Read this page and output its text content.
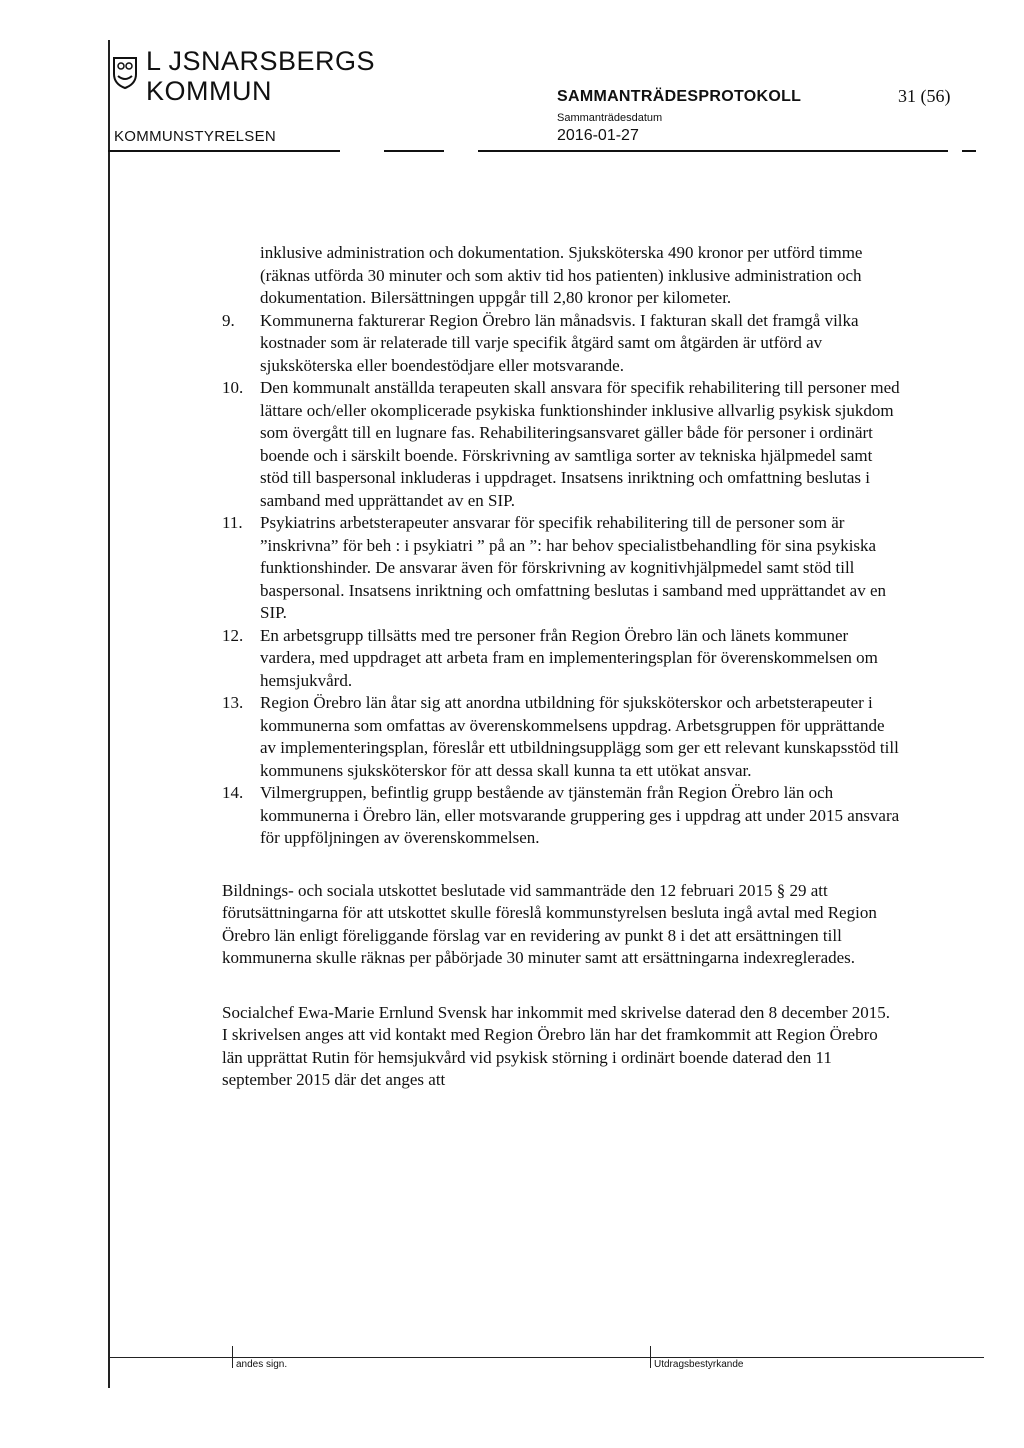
L JSNARSBERGS
KOMMUN	SAMMANTRÄDESPROTOKOLL	31 (56)
Sammanträdesdatum
2016-01-27
KOMMUNSTYRELSEN
inklusive administration och dokumentation. Sjuksköterska 490 kronor per utförd timme (räknas utförda 30 minuter och som aktiv tid hos patienten) inklusive administration och dokumentation. Bilersättningen uppgår till 2,80 kronor per kilometer.
9. Kommunerna fakturerar Region Örebro län månadsvis. I fakturan skall det framgå vilka kostnader som är relaterade till varje specifik åtgärd samt om åtgärden är utförd av sjuksköterska eller boendestödjare eller motsvarande.
10. Den kommunalt anställda terapeuten skall ansvara för specifik rehabilitering till personer med lättare och/eller okomplicerade psykiska funktionshinder inklusive allvarlig psykisk sjukdom som övergått till en lugnare fas. Rehabiliteringsansvaret gäller både för personer i ordinärt boende och i särskilt boende. Förskrivning av samtliga sorter av tekniska hjälpmedel samt stöd till baspersonal inkluderas i uppdraget. Insatsens inriktning och omfattning beslutas i samband med upprättandet av en SIP.
11. Psykiatrins arbetsterapeuter ansvarar för specifik rehabilitering till de personer som är ”inskrivna” för beh : i psykiatri ” på an ”: har behov specialistbehandling för sina psykiska funktionshinder. De ansvarar även för förskrivning av kognitivhjälpmedel samt stöd till baspersonal. Insatsens inriktning och omfattning beslutas i samband med upprättandet av en SIP.
12. En arbetsgrupp tillsätts med tre personer från Region Örebro län och länets kommuner vardera, med uppdraget att arbeta fram en implementeringsplan för överenskommelsen om hemsjukvård.
13. Region Örebro län åtar sig att anordna utbildning för sjuksköterskor och arbetsterapeuter i kommunerna som omfattas av överenskommelsens uppdrag. Arbetsgruppen för upprättande av implementeringsplan, föreslår ett utbildningsupplägg som ger ett relevant kunskapsstöd till kommunens sjuksköterskor för att dessa skall kunna ta ett utökat ansvar.
14. Vilmergruppen, befintlig grupp bestående av tjänstemän från Region Örebro län och kommunerna i Örebro län, eller motsvarande gruppering ges i uppdrag att under 2015 ansvara för uppföljningen av överenskommelsen.
Bildnings- och sociala utskottet beslutade vid sammanträde den 12 februari 2015 § 29 att förutsättningarna för att utskottet skulle föreslå kommunstyrelsen besluta ingå avtal med Region Örebro län enligt föreliggande förslag var en revidering av punkt 8 i det att ersättningen till kommunerna skulle räknas per påbörjade 30 minuter samt att ersättningarna indexreglerades.
Socialchef Ewa-Marie Ernlund Svensk har inkommit med skrivelse daterad den 8 december 2015. I skrivelsen anges att vid kontakt med Region Örebro län har det framkommit att Region Örebro län upprättat Rutin för hemsjukvård vid psykisk störning i ordinärt boende daterad den 11 september 2015 där det anges att
andes sign.	Utdragsbestyrkande
